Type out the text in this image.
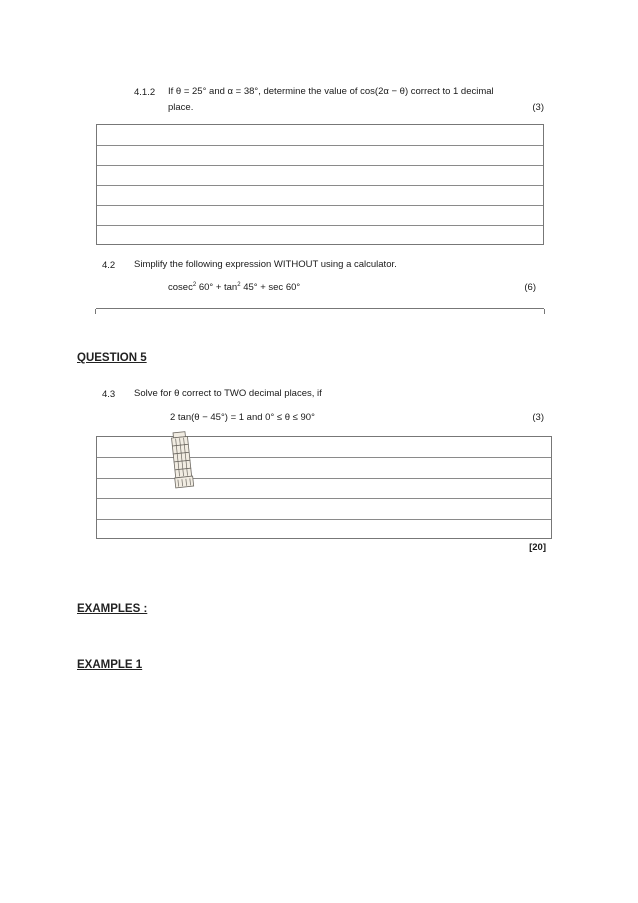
4.1.2 If θ = 25° and α = 38°, determine the value of cos(2α − θ) correct to 1 decimal
place.	(3)
4.2 Simplify the following expression WITHOUT using a calculator.
cosec$^2$ $60^\circ + \tan^2 45^\circ + \sec 60^\circ$	(6)
QUESTION 5
4.3 Solve for θ correct to TWO decimal places, if
2 tan(θ − 45°) = 1 and 0° ≤ θ ≤ 90°	(3)
[20]
EXAMPLES :
EXAMPLE 1
